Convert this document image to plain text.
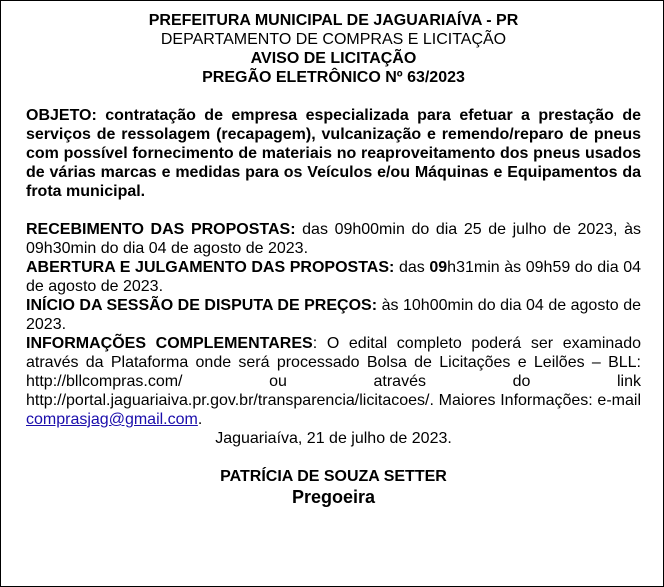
PREFEITURA MUNICIPAL DE JAGUARIAÍVA - PR
DEPARTAMENTO DE COMPRAS E LICITAÇÃO
AVISO DE LICITAÇÃO
PREGÃO ELETRÔNICO Nº 63/2023
OBJETO: contratação de empresa especializada para efetuar a prestação de serviços de ressolagem (recapagem), vulcanização e remendo/reparo de pneus com possível fornecimento de materiais no reaproveitamento dos pneus usados de várias marcas e medidas para os Veículos e/ou Máquinas e Equipamentos da frota municipal.
RECEBIMENTO DAS PROPOSTAS: das 09h00min do dia 25 de julho de 2023, às 09h30min do dia 04 de agosto de 2023.
ABERTURA E JULGAMENTO DAS PROPOSTAS: das 09h31min às 09h59 do dia 04 de agosto de 2023.
INÍCIO DA SESSÃO DE DISPUTA DE PREÇOS: às 10h00min do dia 04 de agosto de 2023.
INFORMAÇÕES COMPLEMENTARES: O edital completo poderá ser examinado através da Plataforma onde será processado Bolsa de Licitações e Leilões – BLL: http://bllcompras.com/ ou através do link http://portal.jaguariaiva.pr.gov.br/transparencia/licitacoes/. Maiores Informações: e-mail comprasjag@gmail.com.
Jaguariaíva, 21 de julho de 2023.
PATRÍCIA DE SOUZA SETTER
Pregoeira
